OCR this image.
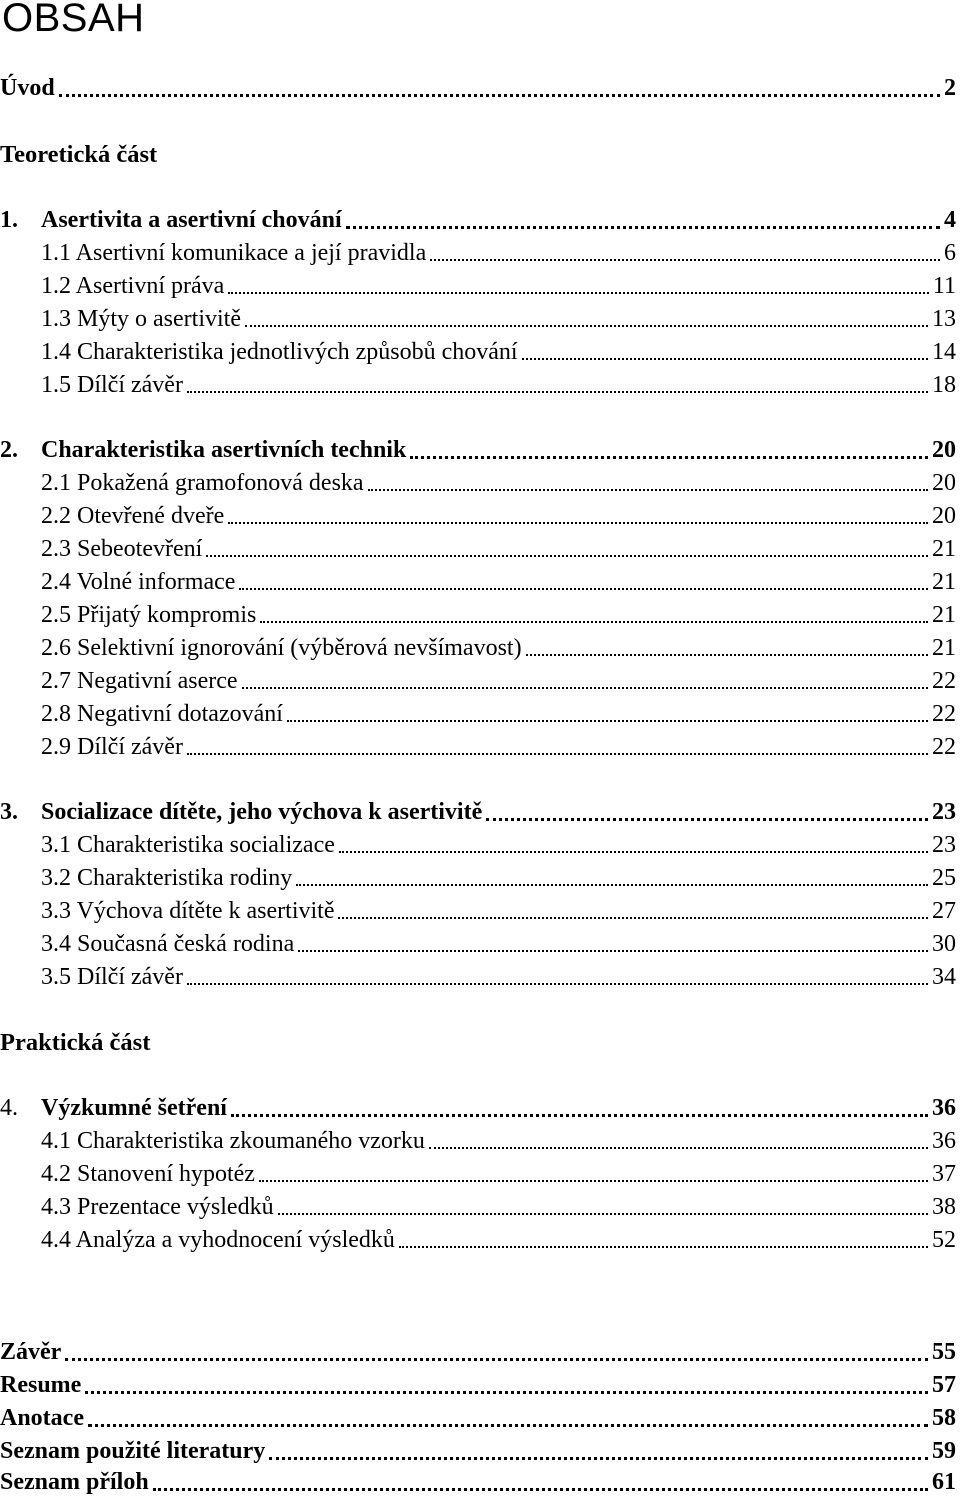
OBSAH
Úvod	2
Teoretická část
1. Asertivita a asertivní chování	4
1.1 Asertivní komunikace a její pravidla	6
1.2 Asertivní práva	11
1.3 Mýty o asertivitě	13
1.4 Charakteristika jednotlivých způsobů chování	14
1.5 Dílčí závěr	18
2. Charakteristika asertivních technik	20
2.1 Pokažená gramofonová deska	20
2.2 Otevřené dveře	20
2.3 Sebeotevření	21
2.4 Volné informace	21
2.5 Přijatý kompromis	21
2.6 Selektivní ignorování (výběrová nevšímavost)	21
2.7 Negativní aserce	22
2.8 Negativní dotazování	22
2.9 Dílčí závěr	22
3. Socializace dítěte, jeho výchova k asertivitě	23
3.1 Charakteristika socializace	23
3.2 Charakteristika rodiny	25
3.3 Výchova dítěte k asertivitě	27
3.4 Současná česká rodina	30
3.5 Dílčí závěr	34
Praktická část
4. Výzkumné šetření	36
4.1 Charakteristika zkoumaného vzorku	36
4.2 Stanovení hypotéz	37
4.3 Prezentace výsledků	38
4.4 Analýza a vyhodnocení výsledků	52
Závěr	55
Resume	57
Anotace	58
Seznam použité literatury	59
Seznam příloh	61
